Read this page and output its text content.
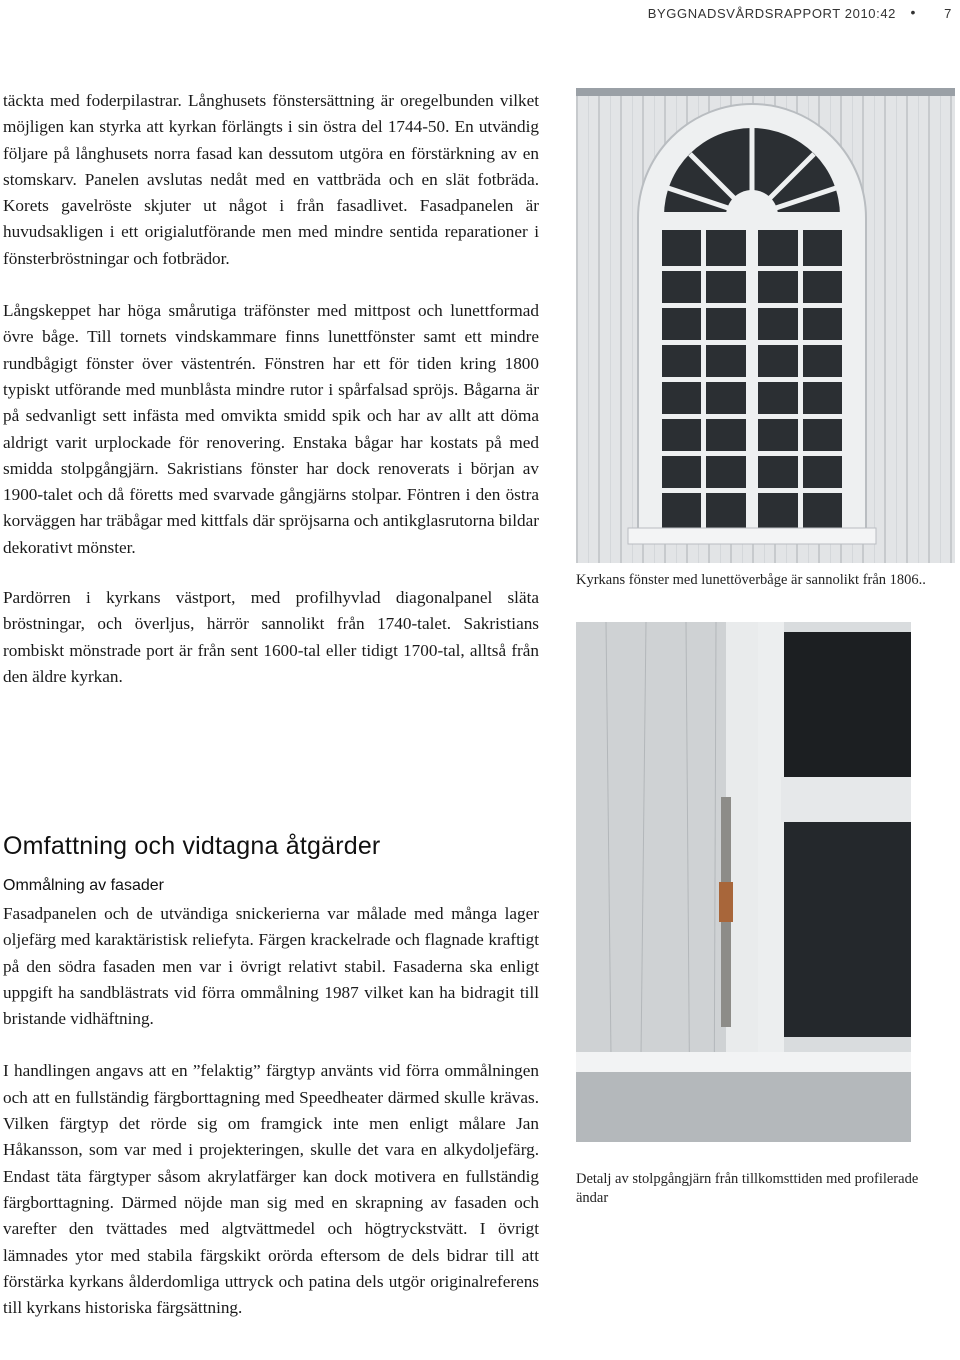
BYGGNADSVÅRDSRAPPORT 2010:42 • 7

täckta med foderpilastrar. Långhusets fönstersättning är oregelbunden vilket möjligen kan styrka att kyrkan förlängts i sin östra del 1744-50. En utvändig följare på långhusets norra fasad kan dessutom utgöra en förstärkning av en stomskarv. Panelen avslutas nedåt med en vattbräda och en slät fotbräda. Korets gavelröste skjuter ut något i från fasadlivet. Fasadpanelen är huvudsakligen i ett origialutförande men med mindre sentida reparationer i fönsterbröstningar och fotbrädor.

Långskeppet har höga smårutiga träfönster med mittpost och lunettformad övre båge. Till tornets vindskammare finns lunettfönster samt ett mindre rundbågigt fönster över västentrén. Fönstren har ett för tiden kring 1800 typiskt utförande med munblåsta mindre rutor i spårfalsad spröjs. Bågarna är på sedvanligt sett infästa med omvikta smidd spik och har av allt att döma aldrigt varit urplockade för renovering. Enstaka bågar har kostats på med smidda stolpgångjärn. Sakristians fönster har dock renoverats i början av 1900-talet och då företts med svarvade gångjärns stolpar. Föntren i den östra korväggen har träbågar med kittfals där spröjsarna och antikglasrutorna bildar dekorativt mönster.

Pardörren i kyrkans västport, med profilhyvlad diagonalpanel släta bröstningar, och överljus, härrör sannolikt från 1740-talet. Sakristians rombiskt mönstrade port är från sent 1600-tal eller tidigt 1700-tal, alltså från den äldre kyrkan.

Omfattning och vidtagna åtgärder
Ommålning av fasader

Fasadpanelen och de utvändiga snickerierna var målade med många lager oljefärg med karaktäristisk reliefyta. Färgen krackelrade och flagnade kraftigt på den södra fasaden men var i övrigt relativt stabil. Fasaderna ska enligt uppgift ha sandblästrats vid förra ommålning 1987 vilket kan ha bidragit till bristande vidhäftning.

I handlingen angavs att en ”felaktig” färgtyp använts vid förra ommålningen och att en fullständig färgborttagning med Speedheater därmed skulle krävas. Vilken färgtyp det rörde sig om framgick inte men enligt målare Jan Håkansson, som var med i projekteringen, skulle det vara en alkydoljefärg. Endast täta färgtyper såsom akrylatfärger kan dock motivera en fullständig färgborttagning. Därmed nöjde man sig med en skrapning av fasaden och varefter den tvättades med algtvättmedel och högtryckstvätt. I övrigt lämnades ytor med stabila färgskikt orörda eftersom de dels bidrar till att förstärka kyrkans ålderdomliga uttryck och patina dels utgör originalreferens till kyrkans historiska färgsättning.

Kyrkans fönster med lunettöverbåge är sannolikt från 1806..
Detalj av stolpgångjärn från tillkomsttiden med profilerade ändar
